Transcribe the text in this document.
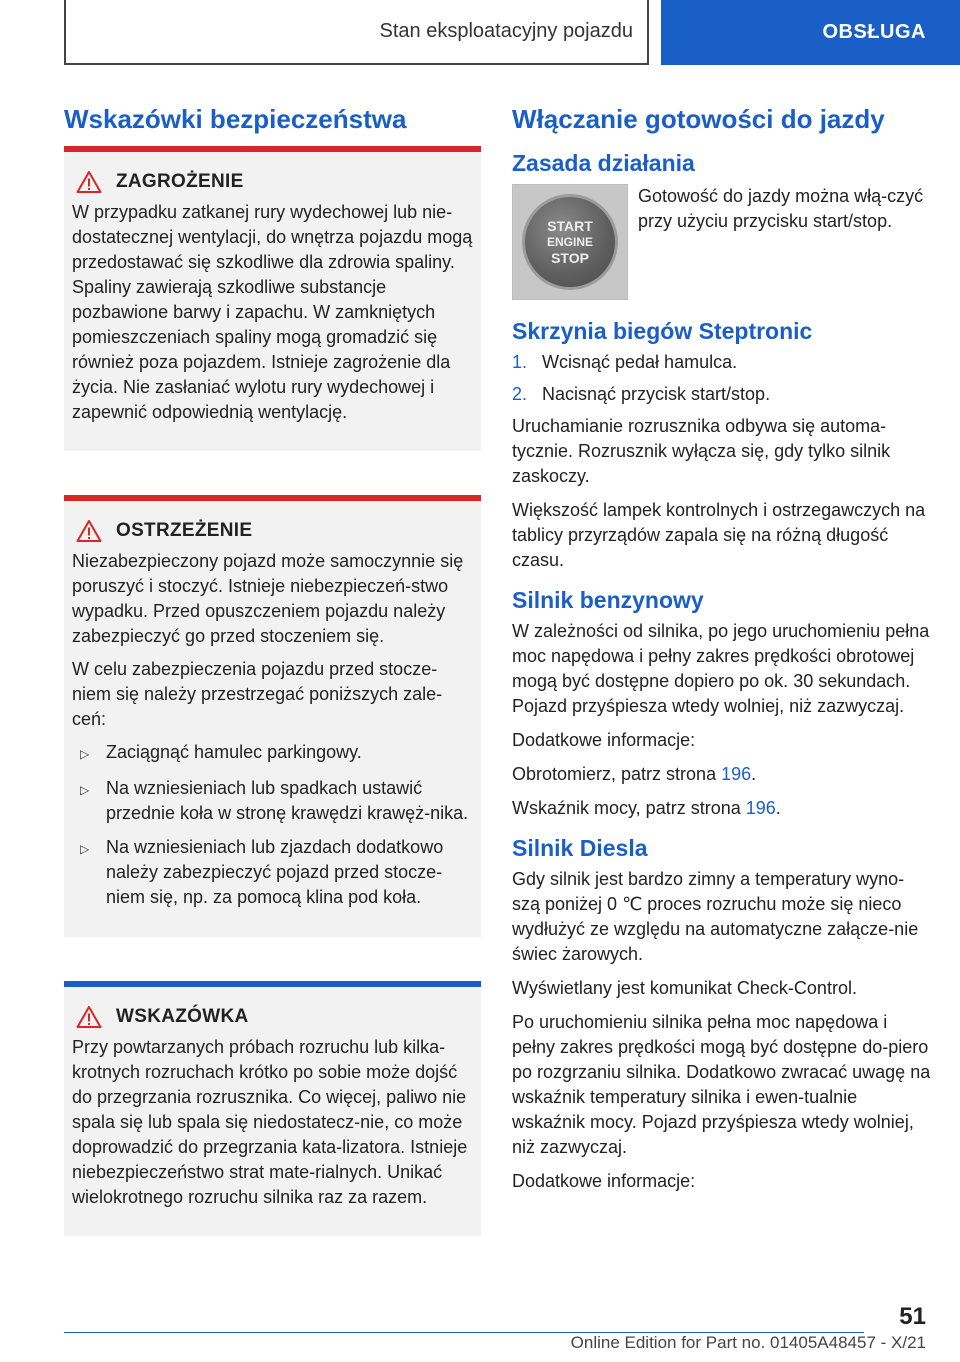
Stan eksploatacyjny pojazdu	OBSŁUGA
Wskazówki bezpieczeństwa
ZAGROŻENIE

W przypadku zatkanej rury wydechowej lub nie-dostatecznej wentylacji, do wnętrza pojazdu mogą przedostawać się szkodliwe dla zdrowia spaliny. Spaliny zawierają szkodliwe substancje pozbawione barwy i zapachu. W zamkniętych pomieszczeniach spaliny mogą gromadzić się również poza pojazdem. Istnieje zagrożenie dla życia. Nie zasłaniać wylotu rury wydechowej i zapewnić odpowiednią wentylację.

OSTRZEŻENIE

Niezabezpieczony pojazd może samoczynnie się poruszyć i stoczyć. Istnieje niebezpieczeń-stwo wypadku. Przed opuszczeniem pojazdu należy zabezpieczyć go przed stoczeniem się.

W celu zabezpieczenia pojazdu przed stocze-niem się należy przestrzegać poniższych zale-ceń:

▷ Zaciągnąć hamulec parkingowy.
▷ Na wzniesieniach lub spadkach ustawić przednie koła w stronę krawędzi krawęż-nika.
▷ Na wzniesieniach lub zjazdach dodatkowo należy zabezpieczyć pojazd przed stocze-niem się, np. za pomocą klina pod koła.
WSKAZÓWKA

Przy powtarzanych próbach rozruchu lub kilka-krotnych rozruchach krótko po sobie może dojść do przegrzania rozrusznika. Co więcej, paliwo nie spala się lub spala się niedostatecz-nie, co może doprowadzić do przegrzania kata-lizatora. Istnieje niebezpieczeństwo strat mate-rialnych. Unikać wielokrotnego rozruchu silnika raz za razem.

Włączanie gotowości do jazdy
Zasada działania
START
ENGINE
STOP
Gotowość do jazdy można włą-czyć przy użyciu przycisku start/stop.
Skrzynia biegów Steptronic
1. Wcisnąć pedał hamulca.
2. Nacisnąć przycisk start/stop.

Uruchamianie rozrusznika odbywa się automa-tycznie. Rozrusznik wyłącza się, gdy tylko silnik zaskoczy.

Większość lampek kontrolnych i ostrzegawczych na tablicy przyrządów zapala się na różną długość czasu.

Silnik benzynowy

W zależności od silnika, po jego uruchomieniu pełna moc napędowa i pełny zakres prędkości obrotowej mogą być dostępne dopiero po ok. 30 sekundach. Pojazd przyśpiesza wtedy wolniej, niż zazwyczaj.

Dodatkowe informacje:

Obrotomierz, patrz strona 196.

Wskaźnik mocy, patrz strona 196.

Silnik Diesla

Gdy silnik jest bardzo zimny a temperatury wyno-szą poniżej 0 ℃ proces rozruchu może się nieco wydłużyć ze względu na automatyczne załącze-nie świec żarowych.

Wyświetlany jest komunikat Check-Control.

Po uruchomieniu silnika pełna moc napędowa i pełny zakres prędkości mogą być dostępne do-piero po rozgrzaniu silnika. Dodatkowo zwracać uwagę na wskaźnik temperatury silnika i ewen-tualnie wskaźnik mocy. Pojazd przyśpiesza wtedy wolniej, niż zazwyczaj.

Dodatkowe informacje:

51
Online Edition for Part no. 01405A48457 - X/21
